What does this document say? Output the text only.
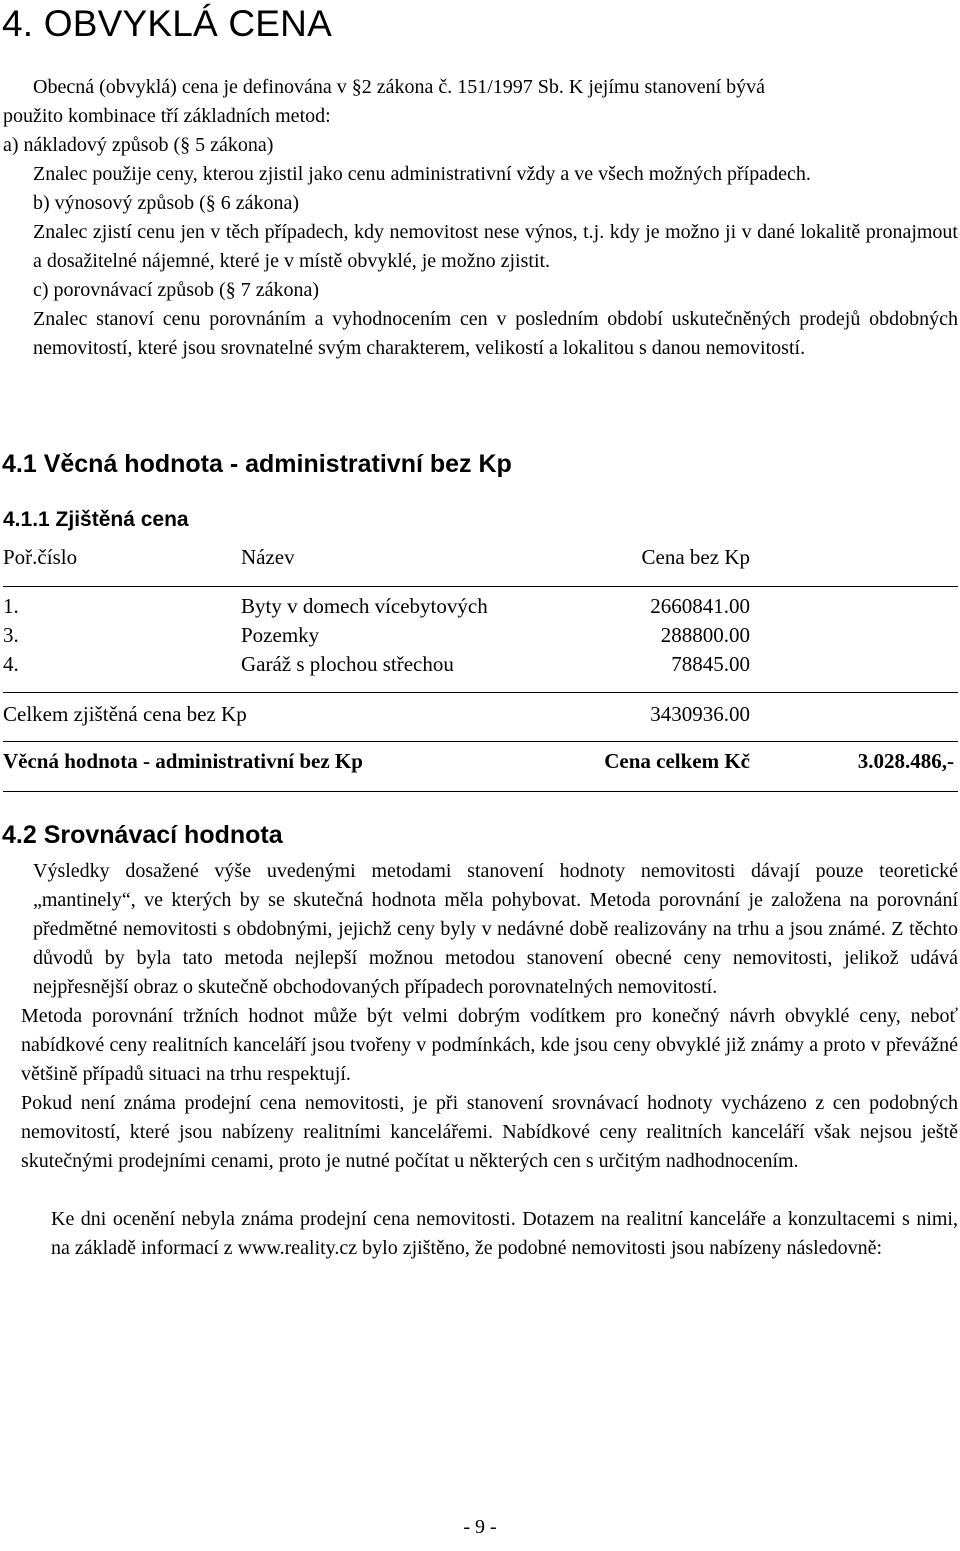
4. OBVYKLÁ CENA
Obecná (obvyklá) cena je definována v §2 zákona č. 151/1997 Sb. K jejímu stanovení bývá
použito kombinace tří základních metod:
a) nákladový způsob (§ 5 zákona)
Znalec použije ceny, kterou zjistil jako cenu administrativní vždy a ve všech možných případech.
b) výnosový způsob (§ 6 zákona)
Znalec zjistí cenu jen v těch případech, kdy nemovitost nese výnos, t.j. kdy je možno ji v dané lokalitě pronajmout a dosažitelné nájemné, které je v místě obvyklé, je možno zjistit.
c) porovnávací způsob (§ 7 zákona)
Znalec stanoví cenu porovnáním a vyhodnocením cen v posledním období uskutečněných prodejů obdobných nemovitostí, které jsou srovnatelné svým charakterem, velikostí a lokalitou s danou nemovitostí.
4.1 Věcná hodnota - administrativní bez Kp
4.1.1 Zjištěná cena
Poř.číslo	Název	Cena bez Kp
1.	Byty v domech vícebytových	2660841.00
3.	Pozemky	288800.00
4.	Garáž s plochou střechou	78845.00
Celkem zjištěná cena bez Kp	3430936.00
Věcná hodnota - administrativní bez Kp	Cena celkem Kč	3.028.486,-
4.2 Srovnávací hodnota

Výsledky dosažené výše uvedenými metodami stanovení hodnoty nemovitosti dávají pouze teoretické „mantinely“, ve kterých by se skutečná hodnota měla pohybovat. Metoda porovnání je založena na porovnání předmětné nemovitosti s obdobnými, jejichž ceny byly v nedávné době realizovány na trhu a jsou známé. Z těchto důvodů by byla tato metoda nejlepší možnou metodou stanovení obecné ceny nemovitosti, jelikož udává nejpřesnější obraz o skutečně obchodovaných případech porovnatelných nemovitostí.

Metoda porovnání tržních hodnot může být velmi dobrým vodítkem pro konečný návrh obvyklé ceny, neboť nabídkové ceny realitních kanceláří jsou tvořeny v podmínkách, kde jsou ceny obvyklé již známy a proto v převážné většině případů situaci na trhu respektují.

Pokud není známa prodejní cena nemovitosti, je při stanovení srovnávací hodnoty vycházeno z cen podobných nemovitostí, které jsou nabízeny realitními kancelářemi. Nabídkové ceny realitních kanceláří však nejsou ještě skutečnými prodejními cenami, proto je nutné počítat u některých cen s určitým nadhodnocením.

Ke dni ocenění nebyla známa prodejní cena nemovitosti. Dotazem na realitní kanceláře a konzultacemi s nimi, na základě informací z www.reality.cz bylo zjištěno, že podobné nemovitosti jsou nabízeny následovně:

- 9 -
